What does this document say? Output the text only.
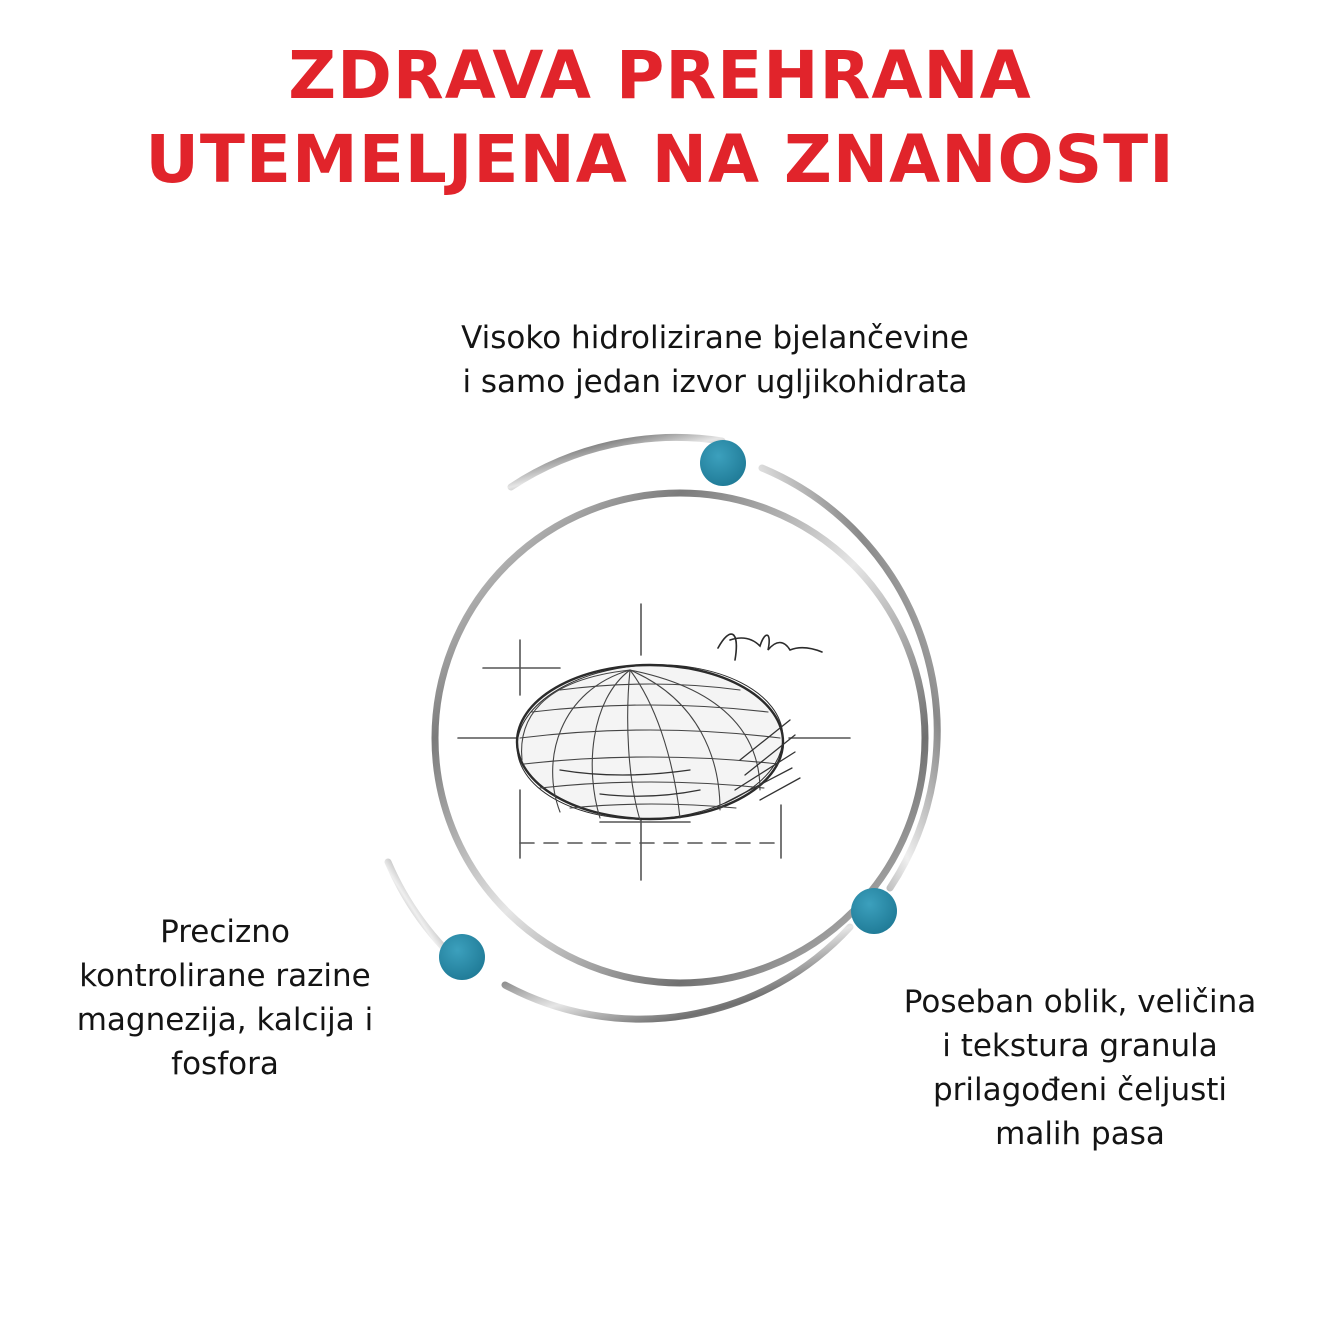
ZDRAVA PREHRANA
UTEMELJENA NA ZNANOSTI
Visoko hidrolizirane bjelančevine
i samo jedan izvor ugljikohidrata
Precizno
kontrolirane razine
magnezija, kalcija i
fosfora
Poseban oblik, veličina
i tekstura granula
prilagođeni čeljusti
malih pasa
